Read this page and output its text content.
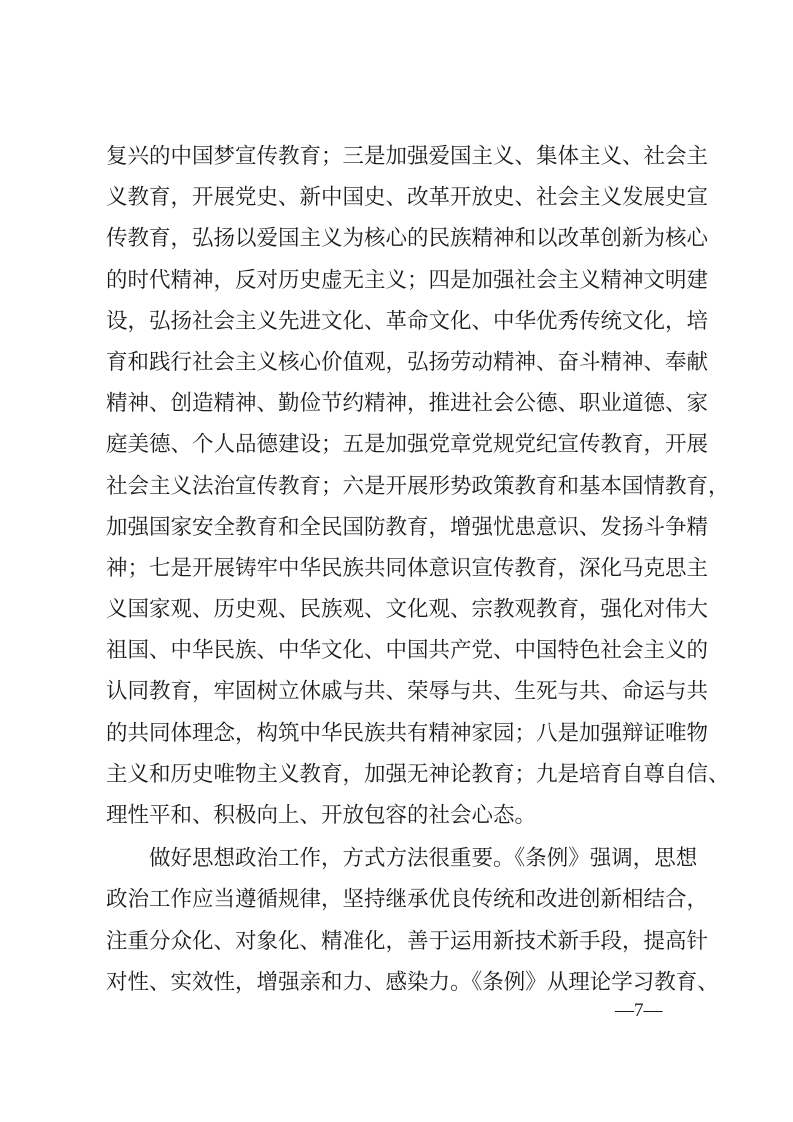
复兴的中国梦宣传教育；三是加强爱国主义、集体主义、社会主
义教育，开展党史、新中国史、改革开放史、社会主义发展史宣
传教育，弘扬以爱国主义为核心的民族精神和以改革创新为核心
的时代精神，反对历史虚无主义；四是加强社会主义精神文明建
设，弘扬社会主义先进文化、革命文化、中华优秀传统文化，培
育和践行社会主义核心价值观，弘扬劳动精神、奋斗精神、奉献
精神、创造精神、勤俭节约精神，推进社会公德、职业道德、家
庭美德、个人品德建设；五是加强党章党规党纪宣传教育，开展
社会主义法治宣传教育；六是开展形势政策教育和基本国情教育，
加强国家安全教育和全民国防教育，增强忧患意识、发扬斗争精
神；七是开展铸牢中华民族共同体意识宣传教育，深化马克思主
义国家观、历史观、民族观、文化观、宗教观教育，强化对伟大
祖国、中华民族、中华文化、中国共产党、中国特色社会主义的
认同教育，牢固树立休戚与共、荣辱与共、生死与共、命运与共
的共同体理念，构筑中华民族共有精神家园；八是加强辩证唯物
主义和历史唯物主义教育，加强无神论教育；九是培育自尊自信、
理性平和、积极向上、开放包容的社会心态。
做好思想政治工作，方式方法很重要。《条例》强调，思想
政治工作应当遵循规律，坚持继承优良传统和改进创新相结合，
注重分众化、对象化、精准化，善于运用新技术新手段，提高针
对性、实效性，增强亲和力、感染力。《条例》从理论学习教育、
—7—
